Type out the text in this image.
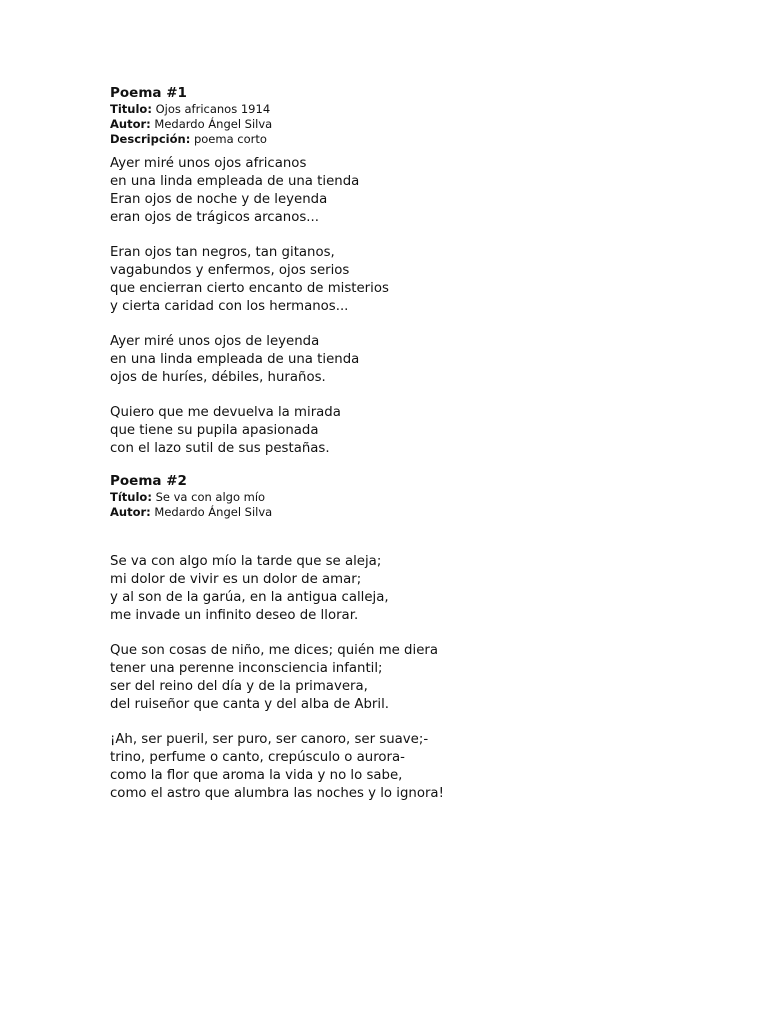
Poema #1

Titulo: Ojos africanos 1914

Autor: Medardo Ángel Silva

Descripción: poema corto

Ayer miré unos ojos africanos
en una linda empleada de una tienda
Eran ojos de noche y de leyenda
eran ojos de trágicos arcanos...
Eran ojos tan negros, tan gitanos,
vagabundos y enfermos, ojos serios
que encierran cierto encanto de misterios
y cierta caridad con los hermanos...
Ayer miré unos ojos de leyenda
en una linda empleada de una tienda
ojos de huríes, débiles, huraños.
Quiero que me devuelva la mirada
que tiene su pupila apasionada
con el lazo sutil de sus pestañas.
Poema #2

Título: Se va con algo mío

Autor: Medardo Ángel Silva

Se va con algo mío la tarde que se aleja;
mi dolor de vivir es un dolor de amar;
y al son de la garúa, en la antigua calleja,
me invade un infinito deseo de llorar.
Que son cosas de niño, me dices; quién me diera
tener una perenne inconsciencia infantil;
ser del reino del día y de la primavera,
del ruiseñor que canta y del alba de Abril.
¡Ah, ser pueril, ser puro, ser canoro, ser suave;-
trino, perfume o canto, crepúsculo o aurora-
como la flor que aroma la vida y no lo sabe,
como el astro que alumbra las noches y lo ignora!
